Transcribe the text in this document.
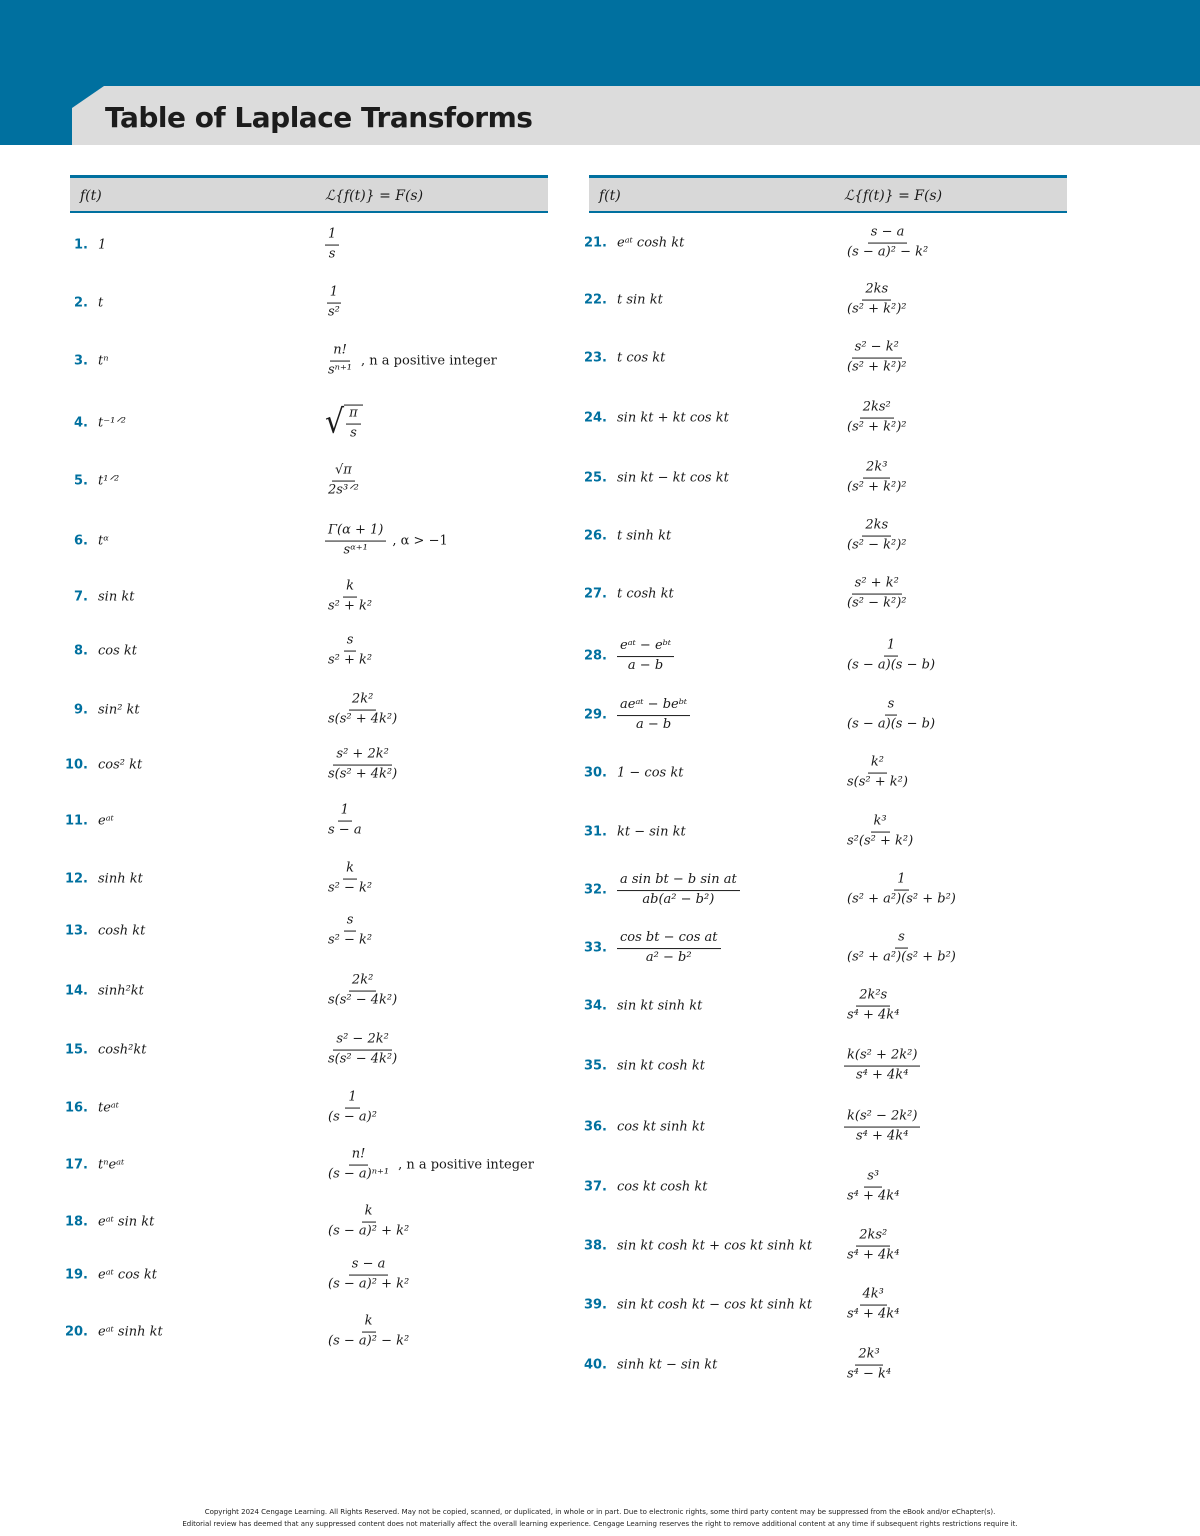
Table of Laplace Transforms
f(t)	ℒ{f(t)} = F(s)	f(t)	ℒ{f(t)} = F(s)
1. 1	$\frac{1}{s}$
2. t	$\frac{1}{\text{s²}}$
3. tⁿ	$\frac{n!}{\text{sⁿ⁺¹}}$ , n a positive integer
4. t⁻¹ᐟ²	√ $\frac{\pi}{s}$
5. t¹ᐟ²	$\frac{√\pi}{\text{2s³ᐟ²}}$
6. tᵅ	$\frac{\Gamma(\alpha + 1)}{\text{sᵅ⁺¹}}$ , α > −1
7. sin kt	$\frac{k}{\text{s² + k²}}$
8. cos kt	$\frac{s}{\text{s² + k²}}$
9. sin² kt	$\frac{\text{2k²}}{\text{s(s² + 4k²)}}$
10. cos² kt	$\frac{\text{s² + 2k²}}{\text{s(s² + 4k²)}}$
11. eᵃᵗ	$\frac{1}{s - a}$
12. sinh kt	$\frac{k}{\text{s² − k²}}$
13. cosh kt	$\frac{s}{\text{s² − k²}}$
14. sinh²kt	$\frac{\text{2k²}}{\text{s(s² − 4k²)}}$
15. cosh²kt	$\frac{\text{s² − 2k²}}{\text{s(s² − 4k²)}}$
16. teᵃᵗ	$\frac{1}{\text{(s − a)²}}$
17. tⁿeᵃᵗ	$\frac{n!}{\text{(s − a)ⁿ⁺¹}}$ , n a positive integer
18. eᵃᵗ sin kt	$\frac{k}{\text{(s − a)² + k²}}$
19. eᵃᵗ cos kt	$\frac{s - a}{\text{(s − a)² + k²}}$
20. eᵃᵗ sinh kt	$\frac{k}{\text{(s − a)² − k²}}$
21. eᵃᵗ cosh kt	$\frac{s - a}{\text{(s − a)² − k²}}$
22. t sin kt	$\frac{2ks}{\text{(s² + k²)²}}$
23. t cos kt	$\frac{\text{s² − k²}}{\text{(s² + k²)²}}$
24. sin kt + kt cos kt	$\frac{\text{2ks²}}{\text{(s² + k²)²}}$
25. sin kt − kt cos kt	$\frac{\text{2k³}}{\text{(s² + k²)²}}$
26. t sinh kt	$\frac{2ks}{\text{(s² − k²)²}}$
27. t cosh kt	$\frac{\text{s² + k²}}{\text{(s² − k²)²}}$
28. $\frac{\text{eᵃᵗ − eᵇᵗ}}{a - b}$	$\frac{1}{(s - a)(s - b)}$
29. $\frac{\text{aeᵃᵗ − beᵇᵗ}}{a - b}$	$\frac{s}{(s - a)(s - b)}$
30. 1 − cos kt	$\frac{\text{k²}}{\text{s(s² + k²)}}$
31. kt − sin kt	$\frac{\text{k³}}{\text{s²(s² + k²)}}$
32. $\frac{\text{a sin bt − b sin at}}{\text{ab(a² − b²)}}$	$\frac{1}{\text{(s² + a²)(s² + b²)}}$
33. $\frac{\text{cos bt − cos at}}{\text{a² − b²}}$	$\frac{s}{\text{(s² + a²)(s² + b²)}}$
34. sin kt sinh kt	$\frac{\text{2k²s}}{\text{s⁴ + 4k⁴}}$
35. sin kt cosh kt	$\frac{\text{k(s² + 2k²)}}{\text{s⁴ + 4k⁴}}$
36. cos kt sinh kt	$\frac{\text{k(s² − 2k²)}}{\text{s⁴ + 4k⁴}}$
37. cos kt cosh kt	$\frac{\text{s³}}{\text{s⁴ + 4k⁴}}$
38. sin kt cosh kt + cos kt sinh kt $\frac{\text{2ks²}}{\text{s⁴ + 4k⁴}}$
39. sin kt cosh kt − cos kt sinh kt $\frac{\text{4k³}}{\text{s⁴ + 4k⁴}}$
40. sinh kt − sin kt	$\frac{\text{2k³}}{\text{s⁴ − k⁴}}$
Copyright 2024 Cengage Learning. All Rights Reserved. May not be copied, scanned, or duplicated, in whole or in part. Due to electronic rights, some third party content may be suppressed from the eBook and/or eChapter(s).
Editorial review has deemed that any suppressed content does not materially affect the overall learning experience. Cengage Learning reserves the right to remove additional content at any time if subsequent rights restrictions require it.
